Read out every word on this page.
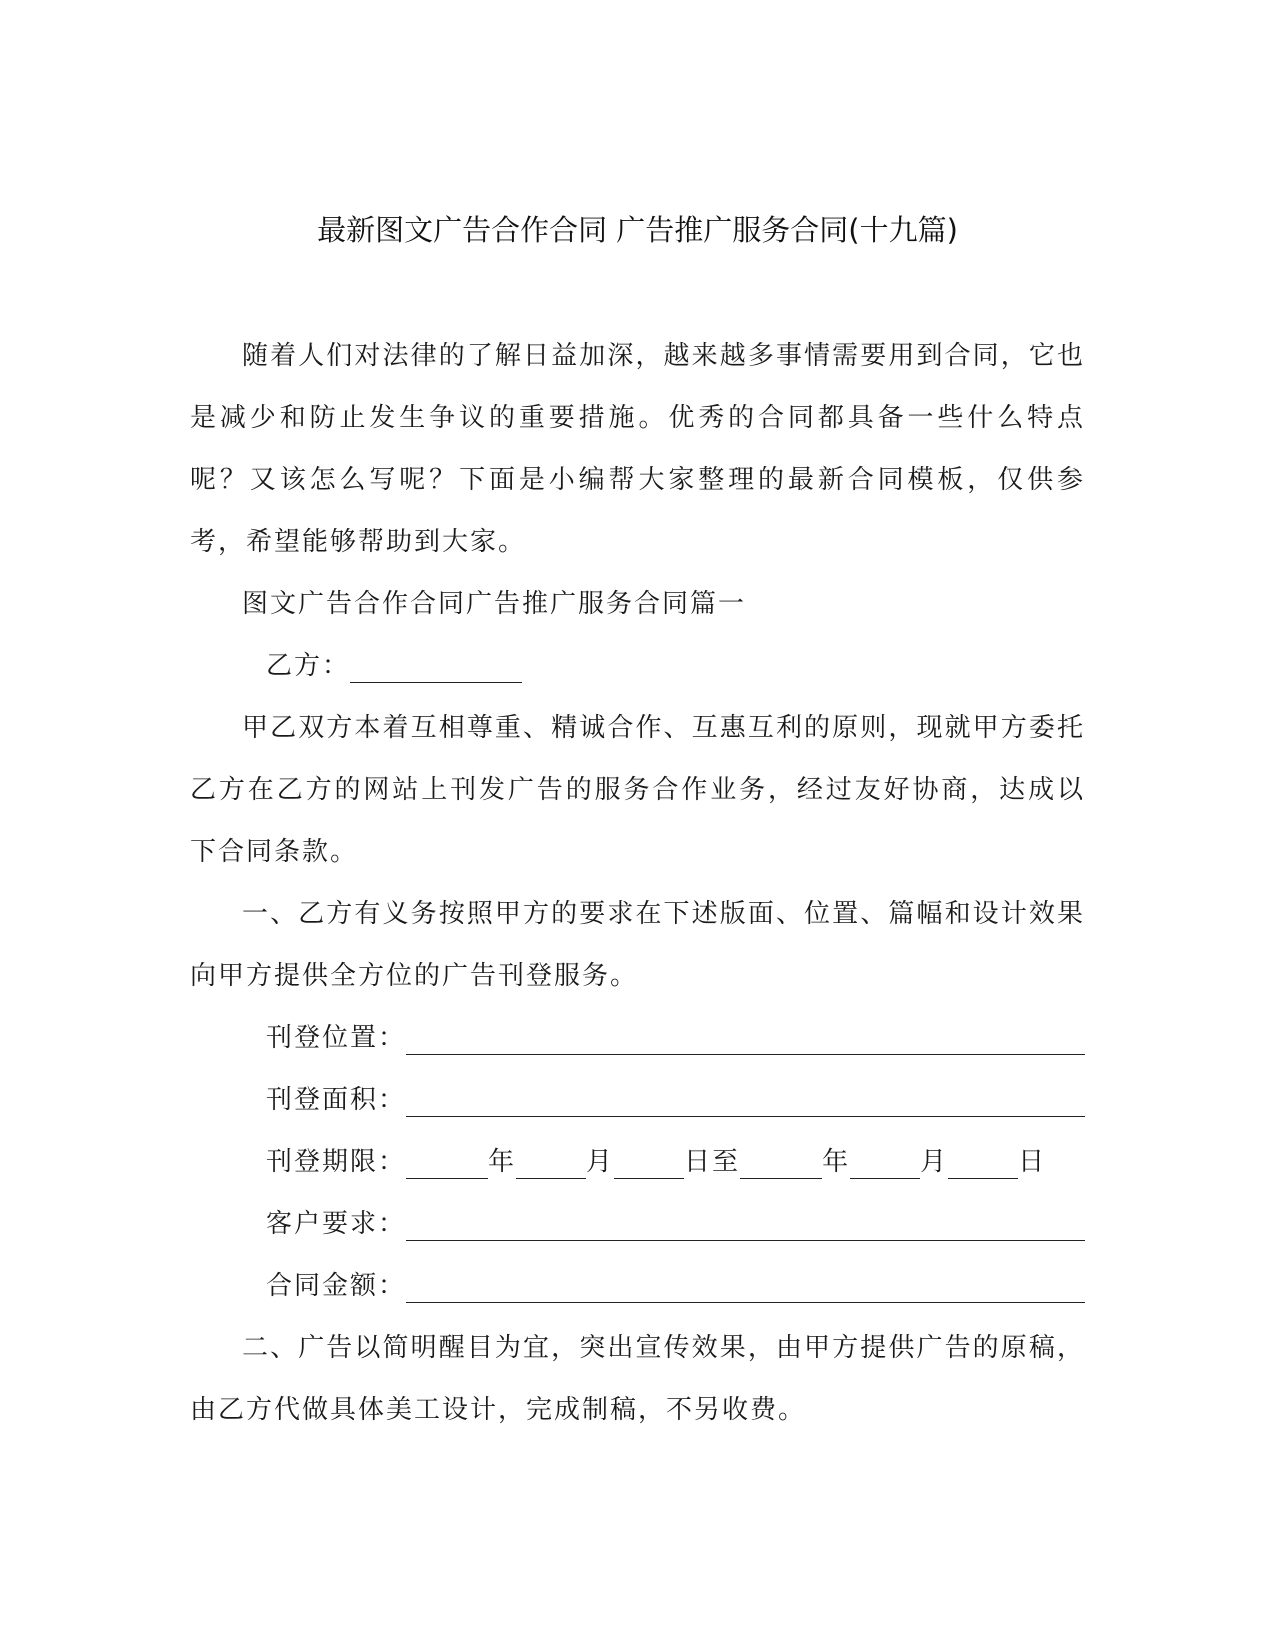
最新图文广告合作合同 广告推广服务合同(十九篇)

随着人们对法律的了解日益加深，越来越多事情需要用到合同，它也是减少和防止发生争议的重要措施。优秀的合同都具备一些什么特点呢？又该怎么写呢？下面是小编帮大家整理的最新合同模板，仅供参考，希望能够帮助到大家。

图文广告合作合同广告推广服务合同篇一

乙方：

甲乙双方本着互相尊重、精诚合作、互惠互利的原则，现就甲方委托乙方在乙方的网站上刊发广告的服务合作业务，经过友好协商，达成以下合同条款。

一、乙方有义务按照甲方的要求在下述版面、位置、篇幅和设计效果向甲方提供全方位的广告刊登服务。

刊登位置：
刊登面积：
刊登期限：	年	月	日至	年	月	日
客户要求：
合同金额：

二、广告以简明醒目为宜，突出宣传效果，由甲方提供广告的原稿，由乙方代做具体美工设计，完成制稿，不另收费。
